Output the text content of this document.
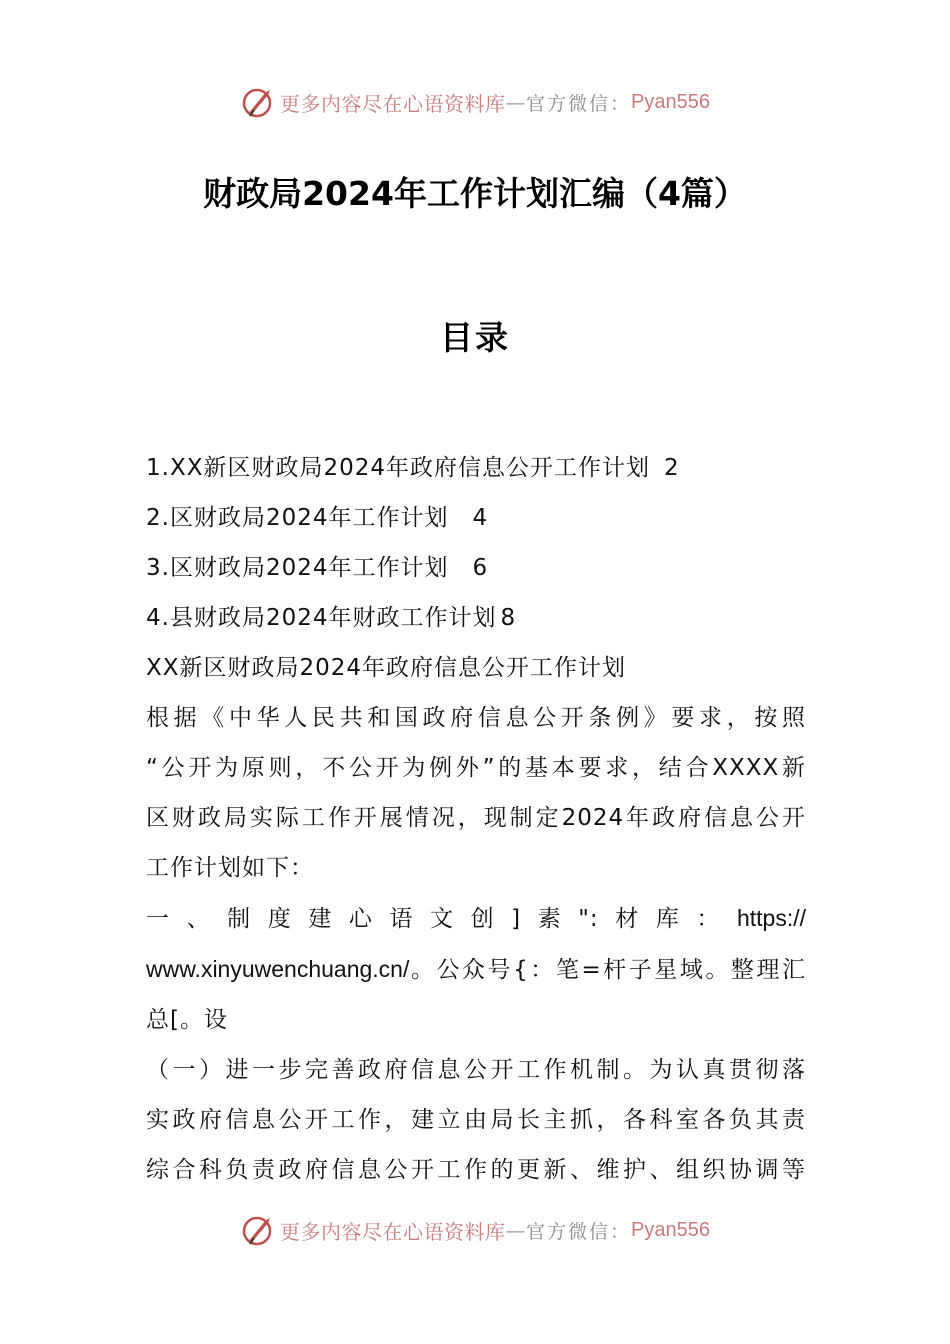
更多内容尽在心语资料库 — 官方微信： Pyan556
财政局2024年工作计划汇编（4篇）
目录

1.XX新区财政局2024年政府信息公开工作计划 2

2.区财政局2024年工作计划 4

3.区财政局2024年工作计划 6

4.县财政局2024年财政工作计划 8

XX新区财政局2024年政府信息公开工作计划

根据《中华人民共和国政府信息公开条例》要求，按照

“公开为原则，不公开为例外”的基本要求，结合XXXX新

区财政局实际工作开展情况，现制定2024年政府信息公开

工作计划如下：

一、制度建心语文创]素":材库：https://

www.xinyuwenchuang.cn/。公众号{：笔=杆子星域。整理汇

总[。设

（一）进一步完善政府信息公开工作机制。为认真贯彻落

实政府信息公开工作，建立由局长主抓，各科室各负其责

综合科负责政府信息公开工作的更新、维护、组织协调等

更多内容尽在心语资料库 — 官方微信： Pyan556
